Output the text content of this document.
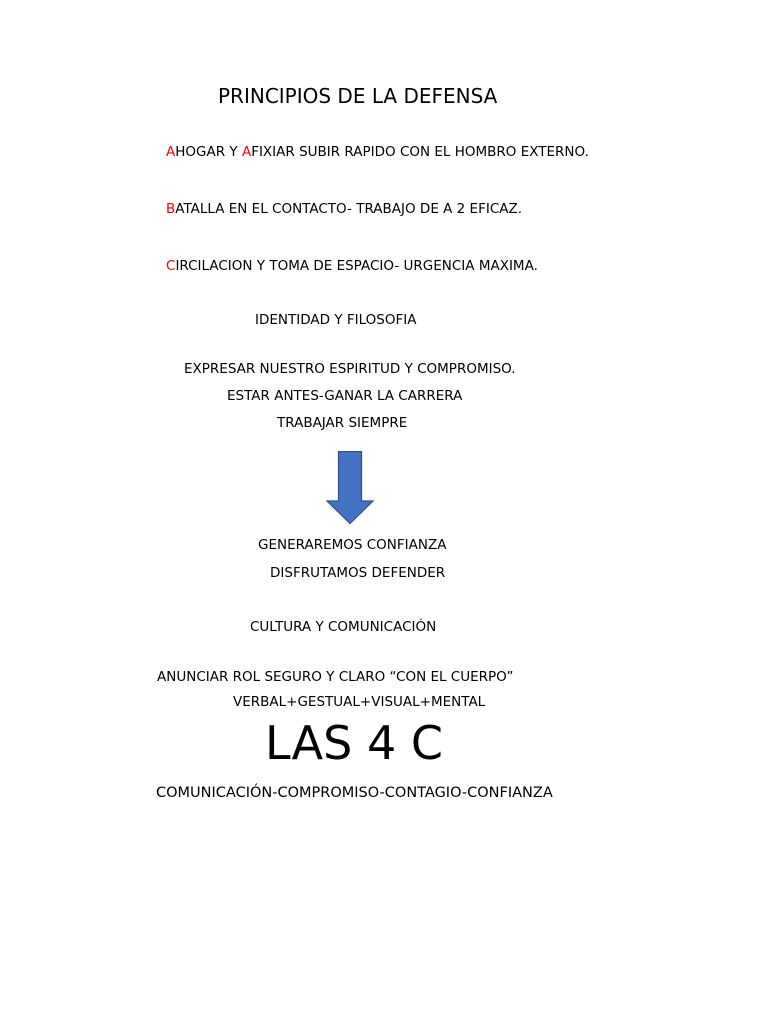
PRINCIPIOS DE LA DEFENSA
AHOGAR Y AFIXIAR SUBIR RAPIDO CON EL HOMBRO EXTERNO.
BATALLA EN EL CONTACTO- TRABAJO DE A 2 EFICAZ.
CIRCILACION Y TOMA DE ESPACIO- URGENCIA MAXIMA.
IDENTIDAD Y FILOSOFIA
EXPRESAR NUESTRO ESPIRITUD Y COMPROMISO.
ESTAR ANTES-GANAR LA CARRERA
TRABAJAR SIEMPRE
GENERAREMOS CONFIANZA
DISFRUTAMOS DEFENDER
CULTURA Y COMUNICACIÓN
ANUNCIAR ROL SEGURO Y CLARO “CON EL CUERPO”
VERBAL+GESTUAL+VISUAL+MENTAL
LAS 4 C
COMUNICACIÓN-COMPROMISO-CONTAGIO-CONFIANZA
